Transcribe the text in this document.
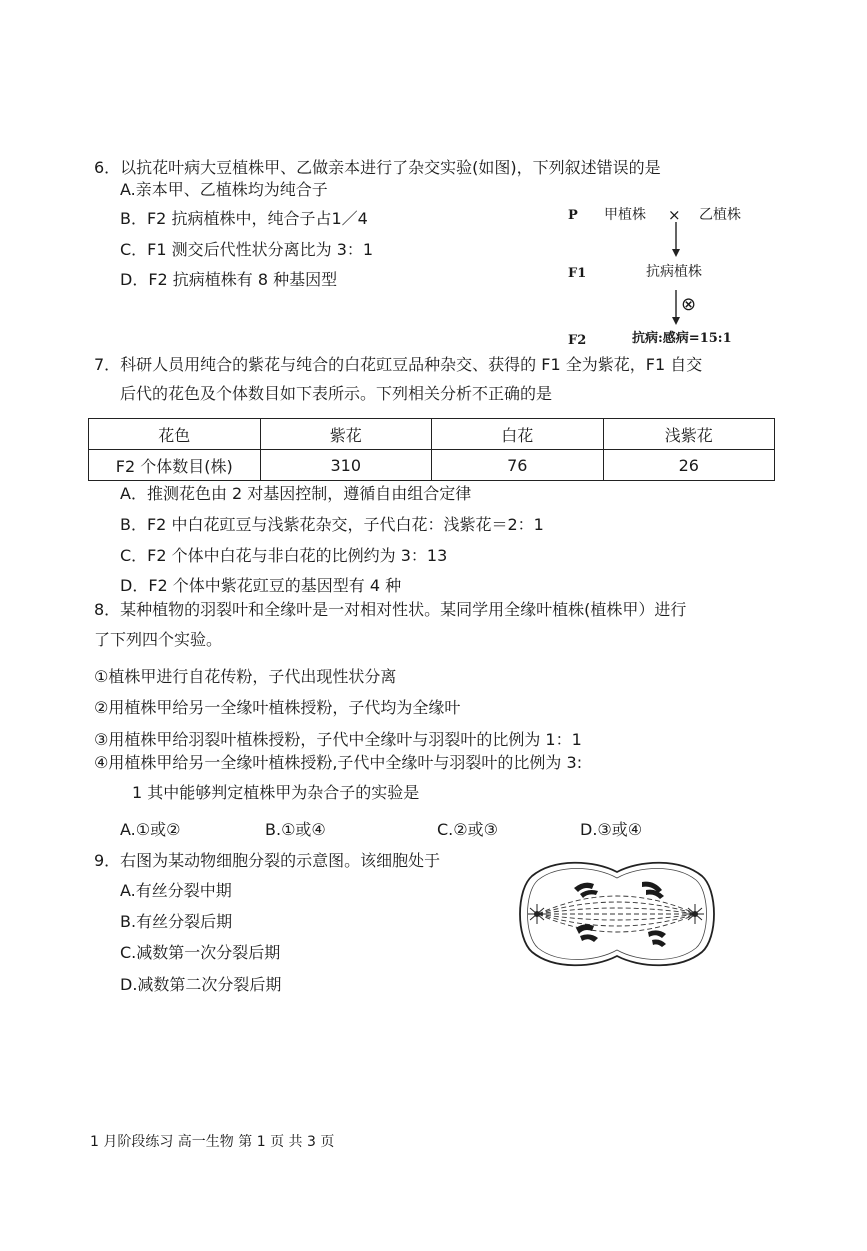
6．以抗花叶病大豆植株甲、乙做亲本进行了杂交实验(如图)，下列叙述错误的是
A.亲本甲、乙植株均为纯合子
B．F2 抗病植株中，纯合子占1／4
C．F1 测交后代性状分离比为 3：1
D．F2 抗病植株有 8 种基因型
P 甲植株 × 乙植株
F1	抗病植株
⊗
F2	抗病:感病=15:1
7．科研人员用纯合的紫花与纯合的白花豇豆品种杂交、获得的 F1 全为紫花，F1 自交
后代的花色及个体数目如下表所示。下列相关分析不正确的是
花色	紫花	白花	浅紫花
F2 个体数目(株)	310	76	26
A．推测花色由 2 对基因控制，遵循自由组合定律
B．F2 中白花豇豆与浅紫花杂交，子代白花：浅紫花＝2：1
C．F2 个体中白花与非白花的比例约为 3：13
D．F2 个体中紫花豇豆的基因型有 4 种
8．某种植物的羽裂叶和全缘叶是一对相对性状。某同学用全缘叶植株(植株甲）进行
了下列四个实验。
①植株甲进行自花传粉，子代出现性状分离
②用植株甲给另一全缘叶植株授粉，子代均为全缘叶
③用植株甲给羽裂叶植株授粉，子代中全缘叶与羽裂叶的比例为 1：1
④用植株甲给另一全缘叶植株授粉,子代中全缘叶与羽裂叶的比例为 3:
1 其中能够判定植株甲为杂合子的实验是
A.①或②	B.①或④	C.②或③	D.③或④
9．右图为某动物细胞分裂的示意图。该细胞处于
A.有丝分裂中期
B.有丝分裂后期
C.减数第一次分裂后期
D.减数第二次分裂后期
1 月阶段练习 高一生物 第 1 页 共 3 页
